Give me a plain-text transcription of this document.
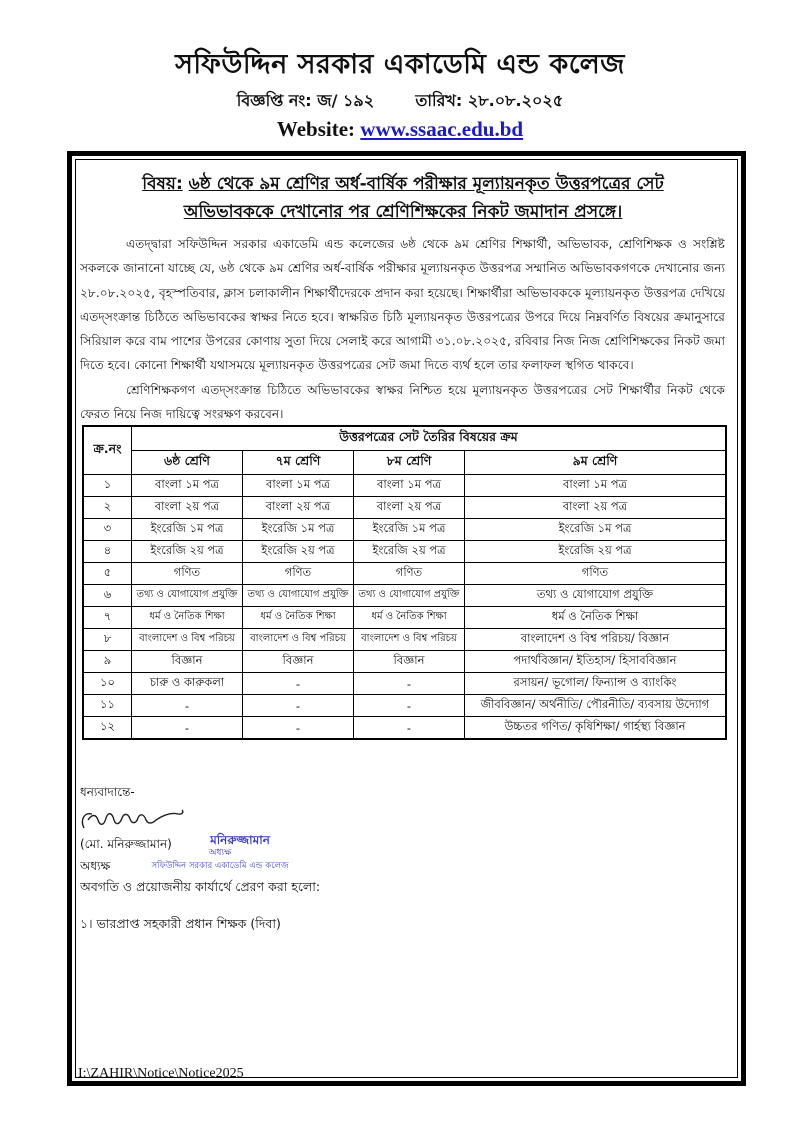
সফিউদ্দিন সরকার একাডেমি এন্ড কলেজ
বিজ্ঞপ্তি নং: জ/ ১৯২	তারিখ: ২৮.০৮.২০২৫
Website: www.ssaac.edu.bd
বিষয়: ৬ষ্ঠ থেকে ৯ম শ্রেণির অর্ধ-বার্ষিক পরীক্ষার মূল্যায়নকৃত উত্তরপত্রের সেট
অভিভাবককে দেখানোর পর শ্রেণিশিক্ষকের নিকট জমাদান প্রসঙ্গে।

এতদ্দ্বারা সফিউদ্দিন সরকার একাডেমি এন্ড কলেজের ৬ষ্ঠ থেকে ৯ম শ্রেণির শিক্ষার্থী, অভিভাবক, শ্রেণিশিক্ষক ও সংশ্লিষ্ট সকলকে জানানো যাচ্ছে যে, ৬ষ্ঠ থেকে ৯ম শ্রেণির অর্ধ-বার্ষিক পরীক্ষার মূল্যায়নকৃত উত্তরপত্র সম্মানিত অভিভাবকগণকে দেখানোর জন্য ২৮.০৮.২০২৫, বৃহস্পতিবার, ক্লাস চলাকালীন শিক্ষার্থীদেরকে প্রদান করা হয়েছে। শিক্ষার্থীরা অভিভাবককে মূল্যায়নকৃত উত্তরপত্র দেখিয়ে এতদ্সংক্রান্ত চিঠিতে অভিভাবকের স্বাক্ষর নিতে হবে। স্বাক্ষরিত চিঠি মূল্যায়নকৃত উত্তরপত্রের উপরে দিয়ে নিম্নবর্ণিত বিষয়ের ক্রমানুসারে সিরিয়াল করে বাম পাশের উপরের কোণায় সুতা দিয়ে সেলাই করে আগামী ৩১.০৮.২০২৫, রবিবার নিজ নিজ শ্রেণিশিক্ষকের নিকট জমা দিতে হবে। কোনো শিক্ষার্থী যথাসময়ে মূল্যায়নকৃত উত্তরপত্রের সেট জমা দিতে ব্যর্থ হলে তার ফলাফল স্থগিত থাকবে।

শ্রেণিশিক্ষকগণ এতদ্সংক্রান্ত চিঠিতে অভিভাবকের স্বাক্ষর নিশ্চিত হয়ে মূল্যায়নকৃত উত্তরপত্রের সেট শিক্ষার্থীর নিকট থেকে ফেরত নিয়ে নিজ দায়িত্বে সংরক্ষণ করবেন।

ক্র.নং	উত্তরপত্রের সেট তৈরির বিষয়ের ক্রম			
	৬ষ্ঠ শ্রেণি	৭ম শ্রেণি	৮ম শ্রেণি	৯ম শ্রেণি
১	বাংলা ১ম পত্র	বাংলা ১ম পত্র	বাংলা ১ম পত্র	বাংলা ১ম পত্র
২	বাংলা ২য় পত্র	বাংলা ২য় পত্র	বাংলা ২য় পত্র	বাংলা ২য় পত্র
৩	ইংরেজি ১ম পত্র	ইংরেজি ১ম পত্র	ইংরেজি ১ম পত্র	ইংরেজি ১ম পত্র
৪	ইংরেজি ২য় পত্র	ইংরেজি ২য় পত্র	ইংরেজি ২য় পত্র	ইংরেজি ২য় পত্র
৫	গণিত	গণিত	গণিত	গণিত
৬	তথ্য ও যোগাযোগ প্রযুক্তি	তথ্য ও যোগাযোগ প্রযুক্তি	তথ্য ও যোগাযোগ প্রযুক্তি	তথ্য ও যোগাযোগ প্রযুক্তি
৭	ধর্ম ও নৈতিক শিক্ষা	ধর্ম ও নৈতিক শিক্ষা	ধর্ম ও নৈতিক শিক্ষা	ধর্ম ও নৈতিক শিক্ষা
৮	বাংলাদেশ ও বিশ্ব পরিচয়	বাংলাদেশ ও বিশ্ব পরিচয়	বাংলাদেশ ও বিশ্ব পরিচয়	বাংলাদেশ ও বিশ্ব পরিচয়/ বিজ্ঞান
৯	বিজ্ঞান	বিজ্ঞান	বিজ্ঞান	পদার্থবিজ্ঞান/ ইতিহাস/ হিসাববিজ্ঞান
১০	চারু ও কারুকলা	-	-	রসায়ন/ ভূগোল/ ফিন্যান্স ও ব্যাংকিং
১১	-	-	-	জীববিজ্ঞান/ অর্থনীতি/ পৌরনীতি/ ব্যবসায় উদ্যোগ
১২	-	-	-	উচ্চতর গণিত/ কৃষিশিক্ষা/ গার্হস্থ্য বিজ্ঞান
ধন্যবাদান্তে-
(মো. মনিরুজ্জামান)	মনিরুজ্জামান
অধ্যক্ষ
সফিউদ্দিন সরকার একাডেমি এন্ড কলেজ
অধ্যক্ষ
অবগতি ও প্রয়োজনীয় কার্যার্থে প্রেরণ করা হলো:
১। ভারপ্রাপ্ত সহকারী প্রধান শিক্ষক (দিবা)
I:\ZAHIR\Notice\Notice2025
